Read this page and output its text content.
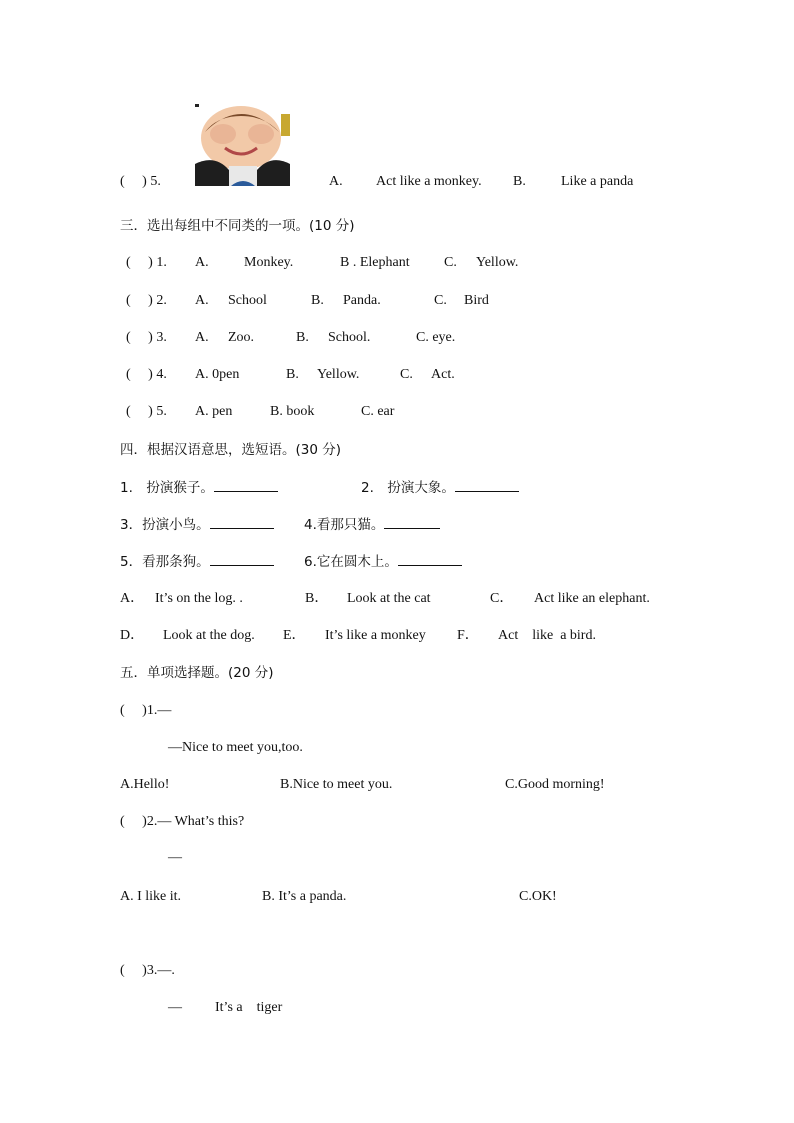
(　 ) 5.	A. Act like a monkey. B.	Like a panda
三．选出每组中不同类的一项。(10 分)
(　 ) 1. A.	Monkey.	B . Elephant C. Yellow.
(　 ) 2. A. School	B. Panda.	C. Bird
(　 ) 3. A. Zoo.	B. School.	C. eye.
(　 ) 4. A. 0pen	B. Yellow.	C. Act.
(　 ) 5. A. pen	B. book	C. ear
四．根据汉语意思，选短语。(30 分)
1.　扮演猴子。	2.　扮演大象。
3．扮演小鸟。	4.看那只猫。
5．看那条狗。	6.它在圆木上。
A． It’s on the log. .	B． Look at the cat	C． Act like an elephant.
D． Look at the dog. E． It’s like a monkey F． Act    like  a bird.
五．单项选择题。(20 分)
(　 )1.—
—Nice to meet you,too.
A.Hello!	B.Nice to meet you.	C.Good morning!
(　 )2.— What’s this?
—
A. I like it.	B. It’s a panda.	C.OK!
(　 )3.—.
— It’s a    tiger
